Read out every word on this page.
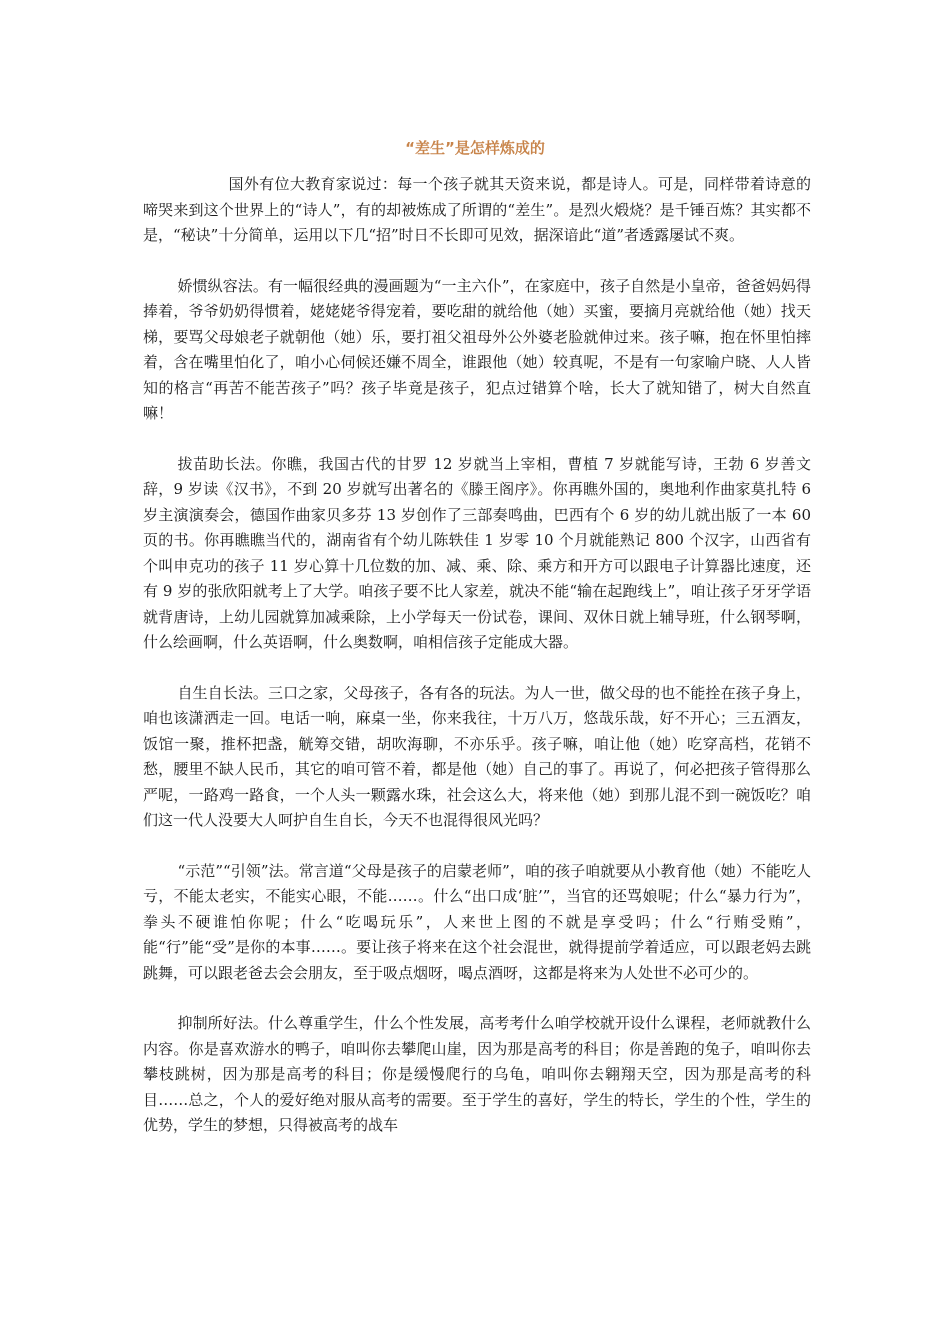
“差生”是怎样炼成的

国外有位大教育家说过：每一个孩子就其天资来说，都是诗人。可是，同样带着诗意的啼哭来到这个世界上的“诗人”，有的却被炼成了所谓的“差生”。是烈火煅烧？是千锤百炼？其实都不是，“秘诀”十分简单，运用以下几“招”时日不长即可见效，据深谙此“道”者透露屡试不爽。

娇惯纵容法。有一幅很经典的漫画题为“一主六仆”，在家庭中，孩子自然是小皇帝，爸爸妈妈得捧着，爷爷奶奶得惯着，姥姥姥爷得宠着，要吃甜的就给他（她）买蜜，要摘月亮就给他（她）找天梯，要骂父母娘老子就朝他（她）乐，要打祖父祖母外公外婆老脸就伸过来。孩子嘛，抱在怀里怕摔着，含在嘴里怕化了，咱小心伺候还嫌不周全，谁跟他（她）较真呢，不是有一句家喻户晓、人人皆知的格言“再苦不能苦孩子”吗？孩子毕竟是孩子，犯点过错算个啥，长大了就知错了，树大自然直嘛！

拔苗助长法。你瞧，我国古代的甘罗 12 岁就当上宰相，曹植 7 岁就能写诗，王勃 6 岁善文辞，9 岁读《汉书》，不到 20 岁就写出著名的《滕王阁序》。你再瞧外国的，奥地利作曲家莫扎特 6 岁主演演奏会，德国作曲家贝多芬 13 岁创作了三部奏鸣曲，巴西有个 6 岁的幼儿就出版了一本 60 页的书。你再瞧瞧当代的，湖南省有个幼儿陈轶佳 1 岁零 10 个月就能熟记 800 个汉字，山西省有个叫申克功的孩子 11 岁心算十几位数的加、减、乘、除、乘方和开方可以跟电子计算器比速度，还有 9 岁的张欣阳就考上了大学。咱孩子要不比人家差，就决不能“输在起跑线上”，咱让孩子牙牙学语就背唐诗，上幼儿园就算加减乘除，上小学每天一份试卷，课间、双休日就上辅导班，什么钢琴啊，什么绘画啊，什么英语啊，什么奥数啊，咱相信孩子定能成大器。

自生自长法。三口之家，父母孩子，各有各的玩法。为人一世，做父母的也不能拴在孩子身上，咱也该潇洒走一回。电话一响，麻桌一坐，你来我往，十万八万，悠哉乐哉，好不开心；三五酒友，饭馆一聚，推杯把盏，觥筹交错，胡吹海聊，不亦乐乎。孩子嘛，咱让他（她）吃穿高档，花销不愁，腰里不缺人民币，其它的咱可管不着，都是他（她）自己的事了。再说了，何必把孩子管得那么严呢，一路鸡一路食，一个人头一颗露水珠，社会这么大，将来他（她）到那儿混不到一碗饭吃？咱们这一代人没要大人呵护自生自长，今天不也混得很风光吗？

“示范”“引领”法。常言道“父母是孩子的启蒙老师”，咱的孩子咱就要从小教育他（她）不能吃人亏，不能太老实，不能实心眼，不能……。什么“出口成‘脏’”，当官的还骂娘呢；什么“暴力行为”，拳头不硬谁怕你呢；什么“吃喝玩乐”，人来世上图的不就是享受吗；什么“行贿受贿”，能“行”能“受”是你的本事……。要让孩子将来在这个社会混世，就得提前学着适应，可以跟老妈去跳跳舞，可以跟老爸去会会朋友，至于吸点烟呀，喝点酒呀，这都是将来为人处世不必可少的。

抑制所好法。什么尊重学生，什么个性发展，高考考什么咱学校就开设什么课程，老师就教什么内容。你是喜欢游水的鸭子，咱叫你去攀爬山崖，因为那是高考的科目；你是善跑的兔子，咱叫你去攀枝跳树，因为那是高考的科目；你是缓慢爬行的乌龟，咱叫你去翱翔天空，因为那是高考的科目……总之，个人的爱好绝对服从高考的需要。至于学生的喜好，学生的特长，学生的个性，学生的优势，学生的梦想，只得被高考的战车
